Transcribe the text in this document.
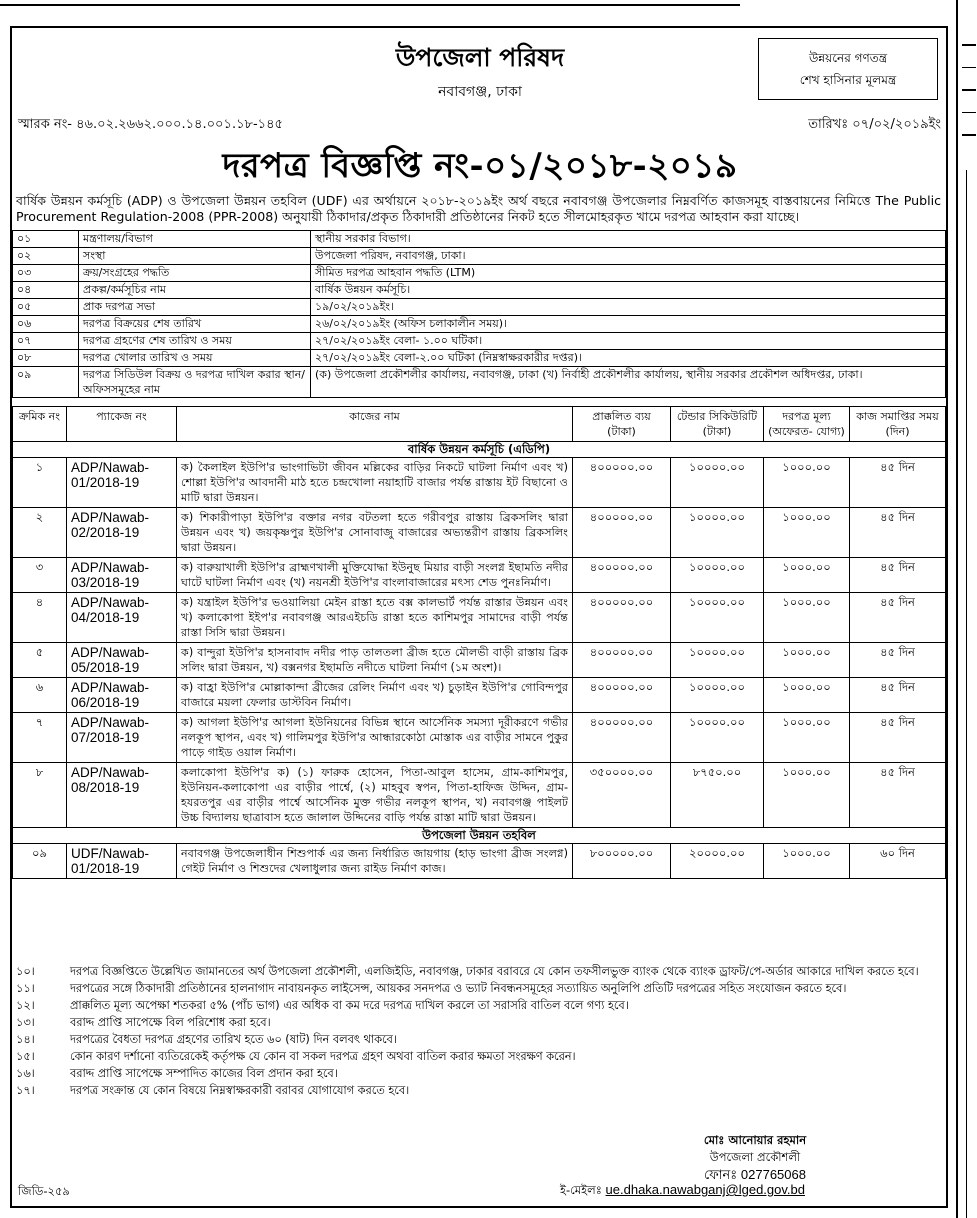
উপজেলা পরিষদ
নবাবগঞ্জ, ঢাকা
উন্নয়নের গণতন্ত্র
শেখ হাসিনার মূলমন্ত্র
স্মারক নং- ৪৬.০২.২৬৬২.০০০.১৪.০০১.১৮-১৪৫	তারিখঃ ০৭/০২/২০১৯ইং
দরপত্র বিজ্ঞপ্তি নং-০১/২০১৮-২০১৯
বার্ষিক উন্নয়ন কর্মসূচি (ADP) ও উপজেলা উন্নয়ন তহবিল (UDF) এর অর্থায়নে ২০১৮-২০১৯ইং অর্থ বছরে নবাবগঞ্জ উপজেলার নিম্নবর্ণিত কাজসমূহ বাস্তবায়নের নিমিত্তে The Public Procurement Regulation-2008 (PPR-2008) অনুযায়ী ঠিকাদার/প্রকৃত ঠিকাদারী প্রতিষ্ঠানের নিকট হতে সীলমোহরকৃত খামে দরপত্র আহবান করা যাচ্ছে।
০১	মন্ত্রণালয়/বিভাগ	স্থানীয় সরকার বিভাগ।
০২	সংস্থা	উপজেলা পরিষদ, নবাবগঞ্জ, ঢাকা।
০৩	ক্রয়/সংগ্রহের পদ্ধতি	সীমিত দরপত্র আহবান পদ্ধতি (LTM)
০৪	প্রকল্প/কর্মসূচির নাম	বার্ষিক উন্নয়ন কর্মসূচি।
০৫	প্রাক দরপত্র সভা	১৯/০২/২০১৯ইং।
০৬	দরপত্র বিক্রয়ের শেষ তারিখ	২৬/০২/২০১৯ইং (অফিস চলাকালীন সময়)।
০৭	দরপত্র গ্রহণের শেষ তারিখ ও সময়	২৭/০২/২০১৯ইং বেলা- ১.০০ ঘটিকা।
০৮	দরপত্র খোলার তারিখ ও সময়	২৭/০২/২০১৯ইং বেলা-২.০০ ঘটিকা (নিম্নস্বাক্ষরকারীর দপ্তর)।
০৯	দরপত্র সিডিউল বিক্রয় ও দরপত্র দাখিল করার স্থান/অফিসসমূহের নাম	(ক) উপজেলা প্রকৌশলীর কার্যালয়, নবাবগঞ্জ, ঢাকা (খ) নির্বাহী প্রকৌশলীর কার্যালয়, স্থানীয় সরকার প্রকৌশল অধিদপ্তর, ঢাকা।
ক্রমিক নং	প্যাকেজ নং	কাজের নাম	প্রাক্কলিত ব্যয় (টাকা)	টেন্ডার সিকিউরিটি (টাকা)	দরপত্র মূল্য (অফেরত- যোগ্য)	কাজ সমাপ্তির সময় (দিন)
বার্ষিক উন্নয়ন কর্মসূচি (এডিপি)						
১	ADP/Nawab-01/2018-19	ক) কৈলাইল ইউপি'র ভাংগাভিটা জীবন মল্লিকের বাড়ির নিকটে ঘাটলা নির্মাণ এবং খ) শোল্লা ইউপি'র আবদানী মাঠ হতে চন্দ্রখোলা নয়াহাটি বাজার পর্যন্ত রাস্তায় ইট বিছানো ও মাটি দ্বারা উন্নয়ন।	৪০০০০০.০০	১০০০০.০০	১০০০.০০	৪৫ দিন
২	ADP/Nawab-02/2018-19	ক) শিকারীপাড়া ইউপি'র বক্তার নগর বটতলা হতে গরীবপুর রাস্তায় ব্রিকসলিং দ্বারা উন্নয়ন এবং খ) জয়কৃষ্ণপুর ইউপি'র সোনাবাজু বাজারের অভ্যন্তরীণ রাস্তায় ব্রিকসলিং দ্বারা উন্নয়ন।	৪০০০০০.০০	১০০০০.০০	১০০০.০০	৪৫ দিন
৩	ADP/Nawab-03/2018-19	ক) বারুয়াখালী ইউপি'র ব্রাহ্মণখালী মুক্তিযোদ্ধা ইউনুছ মিয়ার বাড়ী সংলগ্ন ইছামতি নদীর ঘাটে ঘাটলা নির্মাণ এবং (খ) নয়নশ্রী ইউপি'র বাংলাবাজারের মৎস্য শেড পুনঃনির্মাণ।	৪০০০০০.০০	১০০০০.০০	১০০০.০০	৪৫ দিন
৪	ADP/Nawab-04/2018-19	ক) যন্ত্রাইল ইউপি'র ভওয়ালিয়া মেইন রাস্তা হতে বক্স কালভার্ট পর্যন্ত রাস্তার উন্নয়ন এবং খ) কলাকোপা ইইপ'র নবাবগঞ্জ আরএইচডি রাস্তা হতে কাশিমপুর সামাদের বাড়ী পর্যন্ত রাস্তা সিসি দ্বারা উন্নয়ন।	৪০০০০০.০০	১০০০০.০০	১০০০.০০	৪৫ দিন
৫	ADP/Nawab-05/2018-19	ক) বান্দুরা ইউপি'র হাসনাবাদ নদীর পাড় তালতলা ব্রীজ হতে মৌলভী বাড়ী রাস্তায় ব্রিক সলিং দ্বারা উন্নয়ন, খ) বক্সনগর ইছামতি নদীতে ঘাটলা নির্মাণ (১ম অংশ)।	৪০০০০০.০০	১০০০০.০০	১০০০.০০	৪৫ দিন
৬	ADP/Nawab-06/2018-19	ক) বাহ্রা ইউপি'র মোল্লাকান্দা ব্রীজের রেলিং নির্মাণ এবং খ) চুড়াইন ইউপি'র গোবিন্দপুর বাজারে ময়লা ফেলার ডাস্টবিন নির্মাণ।	৪০০০০০.০০	১০০০০.০০	১০০০.০০	৪৫ দিন
৭	ADP/Nawab-07/2018-19	ক) আগলা ইউপি'র আগলা ইউনিয়নের বিভিন্ন স্থানে আর্সেনিক সমস্যা দূরীকরণে গভীর নলকূপ স্থাপন, এবং খ) গালিমপুর ইউপি'র আন্ধারকোঠা মোস্তাক এর বাড়ীর সামনে পুকুর পাড়ে গাইড ওয়াল নির্মাণ।	৪০০০০০.০০	১০০০০.০০	১০০০.০০	৪৫ দিন
৮	ADP/Nawab-08/2018-19	কলাকোপা ইউপি'র ক) (১) ফারুক হোসেন, পিতা-আবুল হাসেম, গ্রাম-কাশিমপুর, ইউনিয়ন-কলাকোপা এর বাড়ীর পার্শ্বে, (২) মাহবুব স্বপন, পিতা-হাফিজ উদ্দিন, গ্রাম-হযরতপুর এর বাড়ীর পার্শ্বে আর্সেনিক মুক্ত গভীর নলকূপ স্থাপন, খ) নবাবগঞ্জ পাইলট উচ্চ বিদ্যালয় ছাত্রাবাস হতে জালাল উদ্দিনের বাড়ি পর্যন্ত রাস্তা মাটি দ্বারা উন্নয়ন।	৩৫০০০০.০০	৮৭৫০.০০	১০০০.০০	৪৫ দিন
উপজেলা উন্নয়ন তহবিল						
০৯	UDF/Nawab-01/2018-19	নবাবগঞ্জ উপজেলাধীন শিশুপার্ক এর জন্য নির্ধারিত জায়গায় (হাড় ভাংগা ব্রীজ সংলগ্ন) গেইট নির্মাণ ও শিশুদের খেলাধুলার জন্য রাইড নির্মাণ কাজ।	৮০০০০০.০০	২০০০০.০০	১০০০.০০	৬০ দিন
১০।	দরপত্র বিজ্ঞপ্তিতে উল্লেখিত জামানতের অর্থ উপজেলা প্রকৌশলী, এলজিইডি, নবাবগঞ্জ, ঢাকার বরাবরে যে কোন তফসীলভুক্ত ব্যাংক থেকে ব্যাংক ড্রাফট/পে-অর্ডার আকারে দাখিল করতে হবে।
১১।	দরপত্রের সঙ্গে ঠিকাদারী প্রতিষ্ঠানের হালনাগাদ নাবায়নকৃত লাইসেন্স, আয়কর সনদপত্র ও ভ্যাট নিবন্ধনসমূহের সত্যায়িত অনুলিপি প্রতিটি দরপত্রের সহিত সংযোজন করতে হবে।
১২।	প্রাক্কলিত মূল্য অপেক্ষা শতকরা ৫% (পাঁচ ভাগ) এর অধিক বা কম দরে দরপত্র দাখিল করলে তা সরাসরি বাতিল বলে গণ্য হবে।
১৩।	বরাদ্দ প্রাপ্তি সাপেক্ষে বিল পরিশোধ করা হবে।
১৪।	দরপত্রের বৈধতা দরপত্র গ্রহণের তারিখ হতে ৬০ (ষাট) দিন বলবৎ থাকবে।
১৫।	কোন কারণ দর্শানো ব্যতিরেকেই কর্তৃপক্ষ যে কোন বা সকল দরপত্র গ্রহণ অথবা বাতিল করার ক্ষমতা সংরক্ষণ করেন।
১৬।	বরাদ্দ প্রাপ্তি সাপেক্ষে সম্পাদিত কাজের বিল প্রদান করা হবে।
১৭।	দরপত্র সংক্রান্ত যে কোন বিষয়ে নিম্নস্বাক্ষরকারী বরাবর যোগাযোগ করতে হবে।
মোঃ আনোয়ার রহমান
উপজেলা প্রকৌশলী
ফোনঃ 027765068
ই-মেইলঃ ue.dhaka.nawabganj@lged.gov.bd
জিডি-২৫৯
